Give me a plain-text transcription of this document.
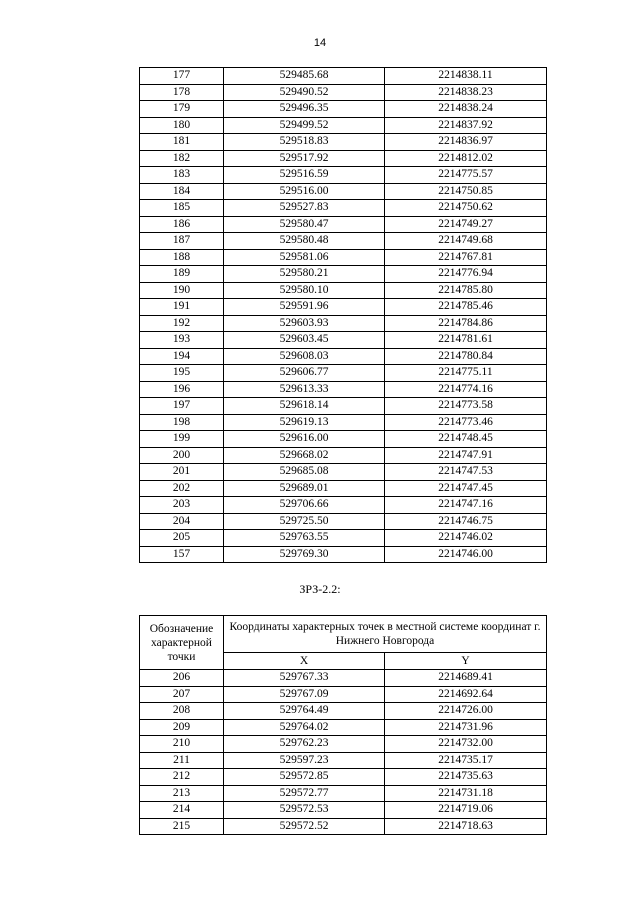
14
177	529485.68	2214838.11
178	529490.52	2214838.23
179	529496.35	2214838.24
180	529499.52	2214837.92
181	529518.83	2214836.97
182	529517.92	2214812.02
183	529516.59	2214775.57
184	529516.00	2214750.85
185	529527.83	2214750.62
186	529580.47	2214749.27
187	529580.48	2214749.68
188	529581.06	2214767.81
189	529580.21	2214776.94
190	529580.10	2214785.80
191	529591.96	2214785.46
192	529603.93	2214784.86
193	529603.45	2214781.61
194	529608.03	2214780.84
195	529606.77	2214775.11
196	529613.33	2214774.16
197	529618.14	2214773.58
198	529619.13	2214773.46
199	529616.00	2214748.45
200	529668.02	2214747.91
201	529685.08	2214747.53
202	529689.01	2214747.45
203	529706.66	2214747.16
204	529725.50	2214746.75
205	529763.55	2214746.02
157	529769.30	2214746.00
ЗРЗ-2.2:
Обозначение характерной точки	Координаты характерных точек в местной системе координат г. Нижнего Новгорода	
	X	Y
206	529767.33	2214689.41
207	529767.09	2214692.64
208	529764.49	2214726.00
209	529764.02	2214731.96
210	529762.23	2214732.00
211	529597.23	2214735.17
212	529572.85	2214735.63
213	529572.77	2214731.18
214	529572.53	2214719.06
215	529572.52	2214718.63
